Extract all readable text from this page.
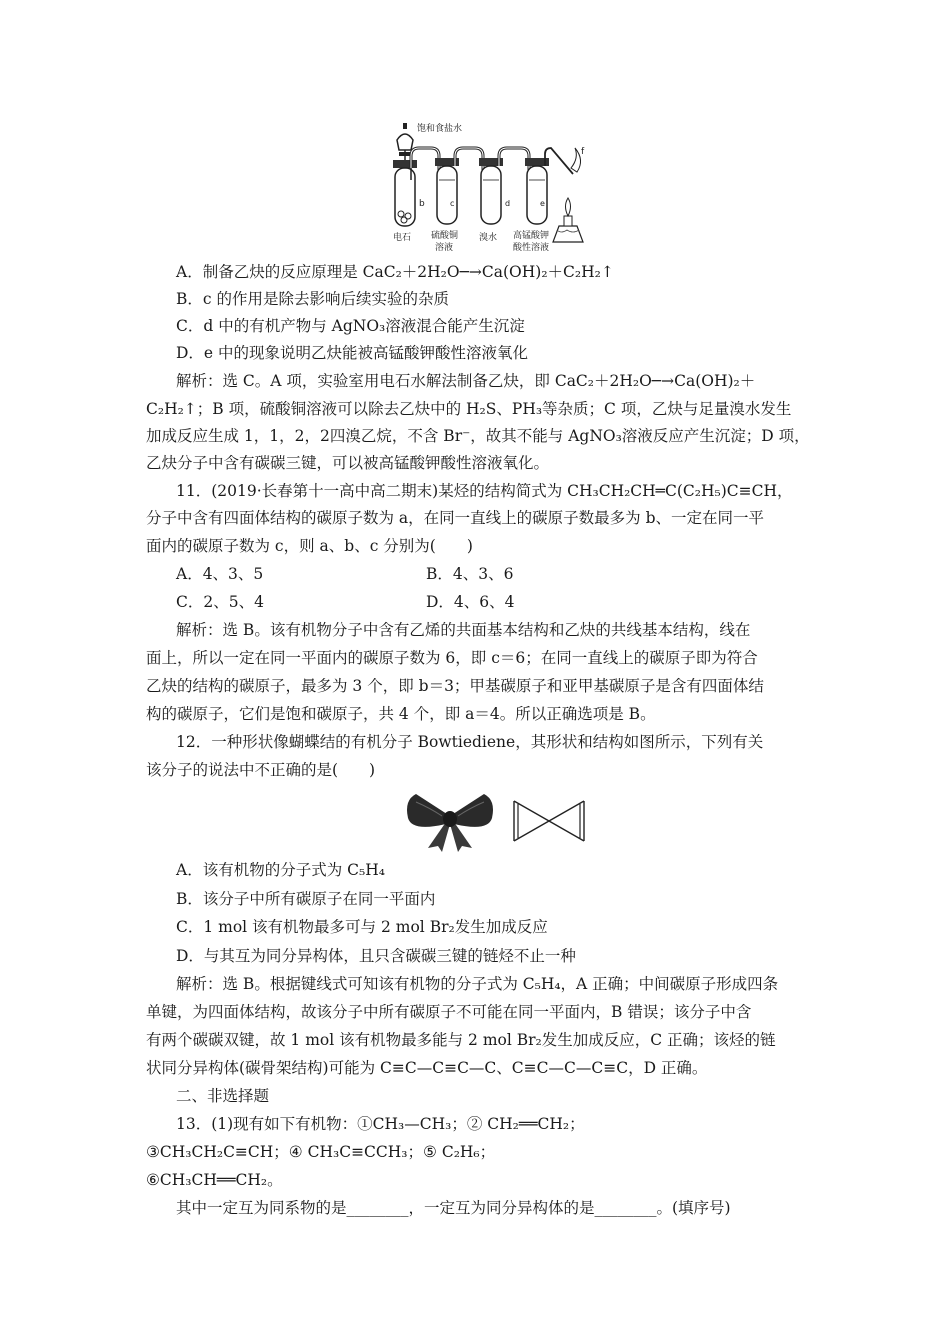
饱和食盐水
b	c	d	e
f
电石 硫酸铜
溶液
溴水 高锰酸钾
酸性溶液
A．制备乙炔的反应原理是 CaC₂＋2H₂O─→Ca(OH)₂＋C₂H₂↑
B．c 的作用是除去影响后续实验的杂质
C．d 中的有机产物与 AgNO₃溶液混合能产生沉淀
D．e 中的现象说明乙炔能被高锰酸钾酸性溶液氧化
解析：选 C。A 项，实验室用电石水解法制备乙炔，即 CaC₂＋2H₂O─→Ca(OH)₂＋
C₂H₂↑；B 项，硫酸铜溶液可以除去乙炔中的 H₂S、PH₃等杂质；C 项，乙炔与足量溴水发生
加成反应生成 1，1，2，2四溴乙烷，不含 Br⁻，故其不能与 AgNO₃溶液反应产生沉淀；D 项，
乙炔分子中含有碳碳三键，可以被高锰酸钾酸性溶液氧化。
11．(2019·长春第十一高中高二期末)某烃的结构简式为 CH₃CH₂CH═C(C₂H₅)C≡CH，
分子中含有四面体结构的碳原子数为 a，在同一直线上的碳原子数最多为 b、一定在同一平
面内的碳原子数为 c，则 a、b、c 分别为(　　)
A．4、3、5	B．4、3、6
C．2、5、4	D．4、6、4
解析：选 B。该有机物分子中含有乙烯的共面基本结构和乙炔的共线基本结构，线在
面上，所以一定在同一平面内的碳原子数为 6，即 c＝6；在同一直线上的碳原子即为符合
乙炔的结构的碳原子，最多为 3 个，即 b＝3；甲基碳原子和亚甲基碳原子是含有四面体结
构的碳原子，它们是饱和碳原子，共 4 个，即 a＝4。所以正确选项是 B。
12．一种形状像蝴蝶结的有机分子 Bowtiediene，其形状和结构如图所示，下列有关
该分子的说法中不正确的是(　　)
A．该有机物的分子式为 C₅H₄
B．该分子中所有碳原子在同一平面内
C．1 mol 该有机物最多可与 2 mol Br₂发生加成反应
D．与其互为同分异构体，且只含碳碳三键的链烃不止一种
解析：选 B。根据键线式可知该有机物的分子式为 C₅H₄，A 正确；中间碳原子形成四条
单键，为四面体结构，故该分子中所有碳原子不可能在同一平面内，B 错误；该分子中含
有两个碳碳双键，故 1 mol 该有机物最多能与 2 mol Br₂发生加成反应，C 正确；该烃的链
状同分异构体(碳骨架结构)可能为 C≡C—C≡C—C、C≡C—C—C≡C，D 正确。
二、非选择题
13．(1)现有如下有机物：①CH₃—CH₃；② CH₂══CH₂；
③CH₃CH₂C≡CH；④ CH₃C≡CCH₃；⑤ C₂H₆；
⑥CH₃CH══CH₂。
其中一定互为同系物的是________，一定互为同分异构体的是________。(填序号)
